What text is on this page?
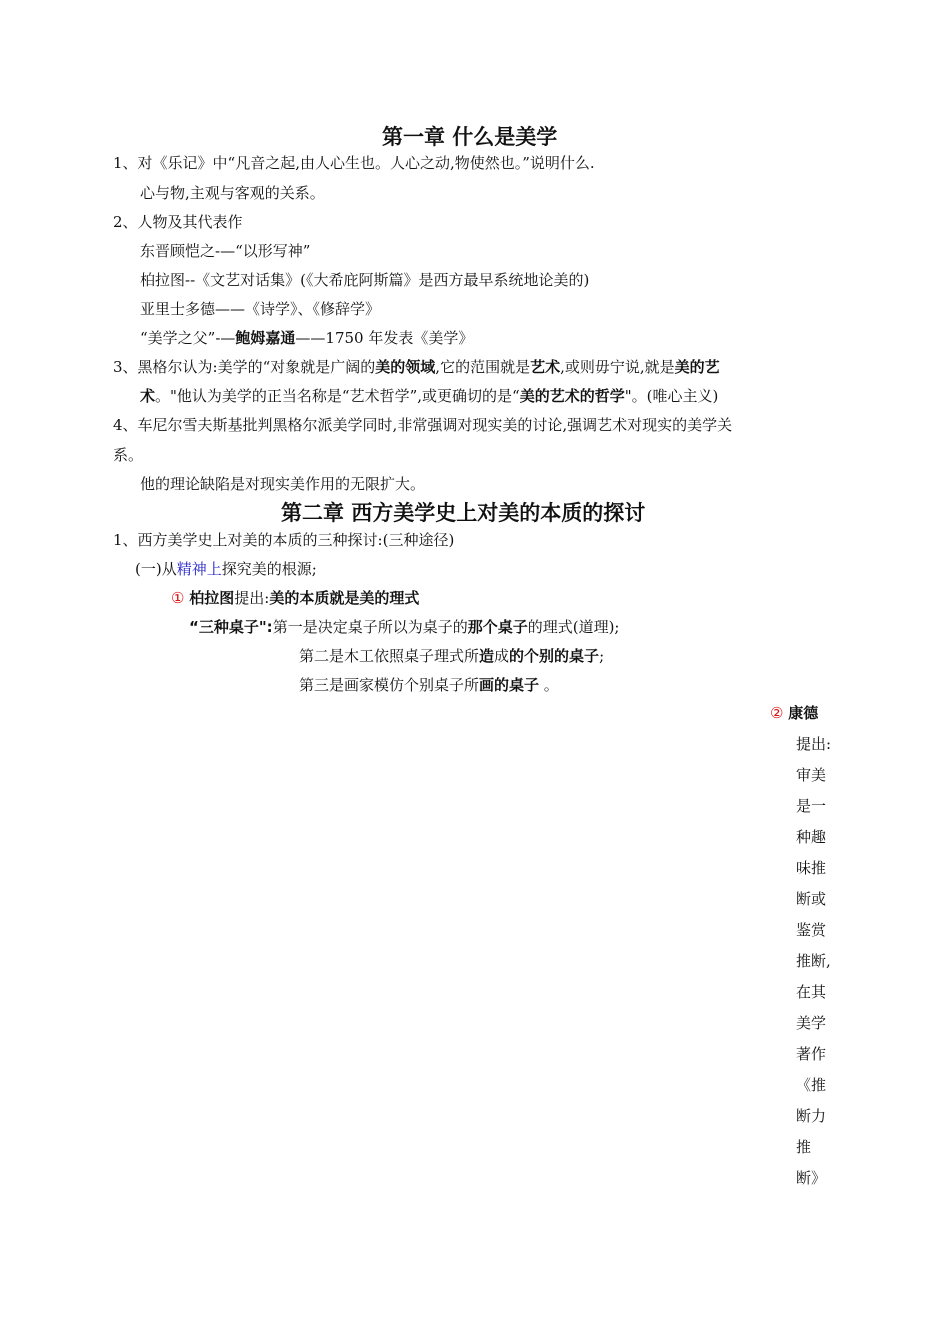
第一章 什么是美学
1、对《乐记》中“凡音之起,由人心生也。人心之动,物使然也。”说明什么.
心与物,主观与客观的关系。
2、人物及其代表作
东晋顾恺之-—“以形写神”
柏拉图--《文艺对话集》(《大希庇阿斯篇》是西方最早系统地论美的)
亚里士多德——《诗学》、《修辞学》
“美学之父”-—鲍姆嘉通——1750 年发表《美学》
3、黑格尔认为:美学的“对象就是广阔的美的领域,它的范围就是艺术,或则毋宁说,就是美的艺
术。"他认为美学的正当名称是“艺术哲学”,或更确切的是“美的艺术的哲学"。(唯心主义)
4、车尼尔雪夫斯基批判黑格尔派美学同时,非常强调对现实美的讨论,强调艺术对现实的美学关
系。
他的理论缺陷是对现实美作用的无限扩大。
第二章 西方美学史上对美的本质的探讨
1、西方美学史上对美的本质的三种探讨:(三种途径)
(一)从精神上探究美的根源;
① 柏拉图提出:美的本质就是美的理式
“三种桌子":第一是决定桌子所以为桌子的那个桌子的理式(道理);
第二是木工依照桌子理式所造成的个别的桌子;
第三是画家模仿个别桌子所画的桌子 。
② 康德
提出:
审美
是一
种趣
味推
断或
鉴赏
推断,
在其
美学
著作
《推
断力
推
断》
